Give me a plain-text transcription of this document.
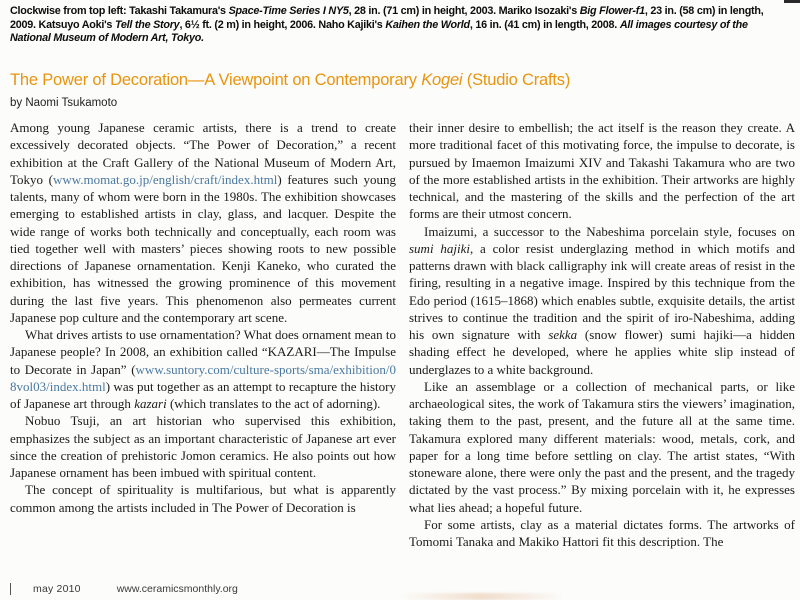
Clockwise from top left: Takashi Takamura's Space-Time Series I NY5, 28 in. (71 cm) in height, 2003. Mariko Isozaki's Big Flower-f1, 23 in. (58 cm) in length, 2009. Katsuyo Aoki's Tell the Story, 6½ ft. (2 m) in height, 2006. Naho Kajiki's Kaihen the World, 16 in. (41 cm) in length, 2008. All images courtesy of the National Museum of Modern Art, Tokyo.
The Power of Decoration—A Viewpoint on Contemporary Kogei (Studio Crafts)
by Naomi Tsukamoto

Among young Japanese ceramic artists, there is a trend to create excessively decorated objects. “The Power of Decoration,” a recent exhibition at the Craft Gallery of the National Museum of Modern Art, Tokyo (www.momat.go.jp/english/craft/index.html) features such young talents, many of whom were born in the 1980s. The exhibition showcases emerging to established artists in clay, glass, and lacquer. Despite the wide range of works both technically and conceptually, each room was tied together well with masters’ pieces showing roots to new possible directions of Japanese ornamentation. Kenji Kaneko, who curated the exhibition, has witnessed the growing prominence of this movement during the last five years. This phenomenon also permeates current Japanese pop culture and the contemporary art scene.

What drives artists to use ornamentation? What does ornament mean to Japanese people? In 2008, an exhibition called “KAZARI—The Impulse to Decorate in Japan” (www.suntory.com/culture-sports/sma/exhibition/08vol03/index.html) was put together as an attempt to recapture the history of Japanese art through kazari (which translates to the act of adorning).

Nobuo Tsuji, an art historian who supervised this exhibition, emphasizes the subject as an important characteristic of Japanese art ever since the creation of prehistoric Jomon ceramics. He also points out how Japanese ornament has been imbued with spiritual content.

The concept of spirituality is multifarious, but what is apparently common among the artists included in The Power of Decoration is

their inner desire to embellish; the act itself is the reason they create. A more traditional facet of this motivating force, the impulse to decorate, is pursued by Imaemon Imaizumi XIV and Takashi Takamura who are two of the more established artists in the exhibition. Their artworks are highly technical, and the mastering of the skills and the perfection of the art forms are their utmost concern.

Imaizumi, a successor to the Nabeshima porcelain style, focuses on sumi hajiki, a color resist underglazing method in which motifs and patterns drawn with black calligraphy ink will create areas of resist in the firing, resulting in a negative image. Inspired by this technique from the Edo period (1615–1868) which enables subtle, exquisite details, the artist strives to continue the tradition and the spirit of iro-Nabeshima, adding his own signature with sekka (snow flower) sumi hajiki—a hidden shading effect he developed, where he applies white slip instead of underglazes to a white background.

Like an assemblage or a collection of mechanical parts, or like archaeological sites, the work of Takamura stirs the viewers’ imagination, taking them to the past, present, and the future all at the same time. Takamura explored many different materials: wood, metals, cork, and paper for a long time before settling on clay. The artist states, “With stoneware alone, there were only the past and the present, and the tragedy dictated by the vast process.” By mixing porcelain with it, he expresses what lies ahead; a hopeful future.

For some artists, clay as a material dictates forms. The artworks of Tomomi Tanaka and Makiko Hattori fit this description. The

may 2010	www.ceramicsmonthly.org
